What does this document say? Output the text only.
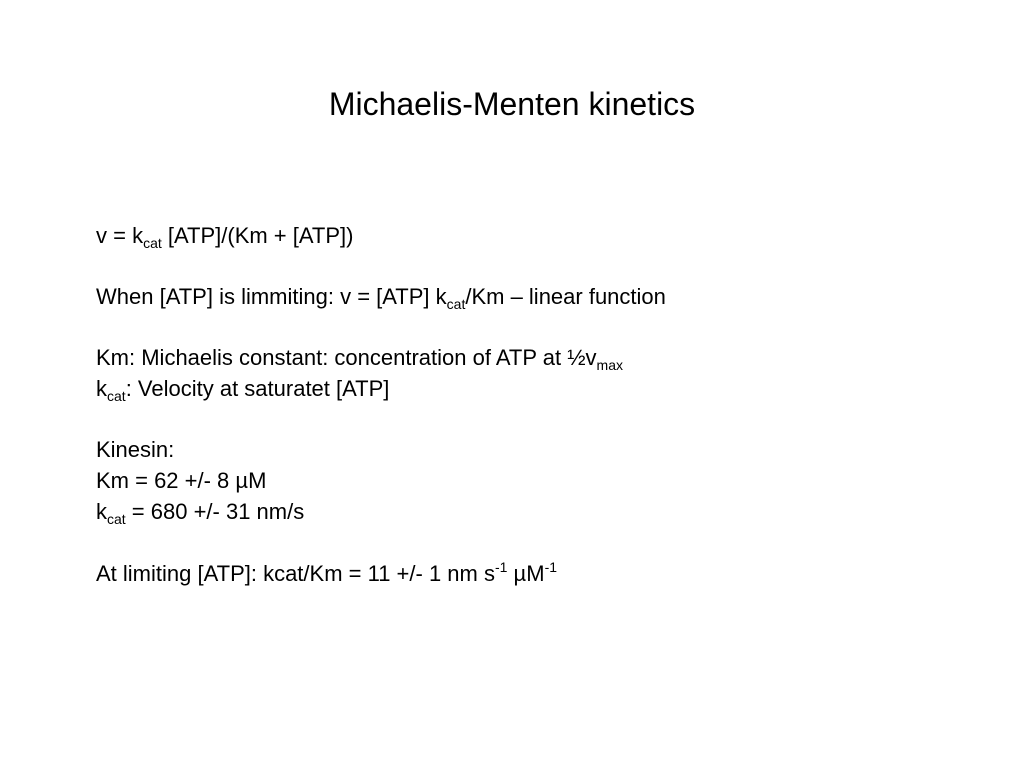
Michaelis-Menten kinetics

$v = k_{cat}$ [ATP]/(Km + [ATP])

When [ATP] is limmiting: v = [ATP] $k_{cat}/Km$ – linear function

Km: Michaelis constant: concentration of ATP at $\frac{1}{2}v_{max}$

$k_{cat}$: Velocity at saturatet [ATP]

Kinesin:

Km = 62 +/- 8 µM

$k_{cat} = 680$ +/- 31 nm/s

At limiting [ATP]: kcat/Km = 11 +/- 1 nm $s^{-1}$ µM$^{-1}$
